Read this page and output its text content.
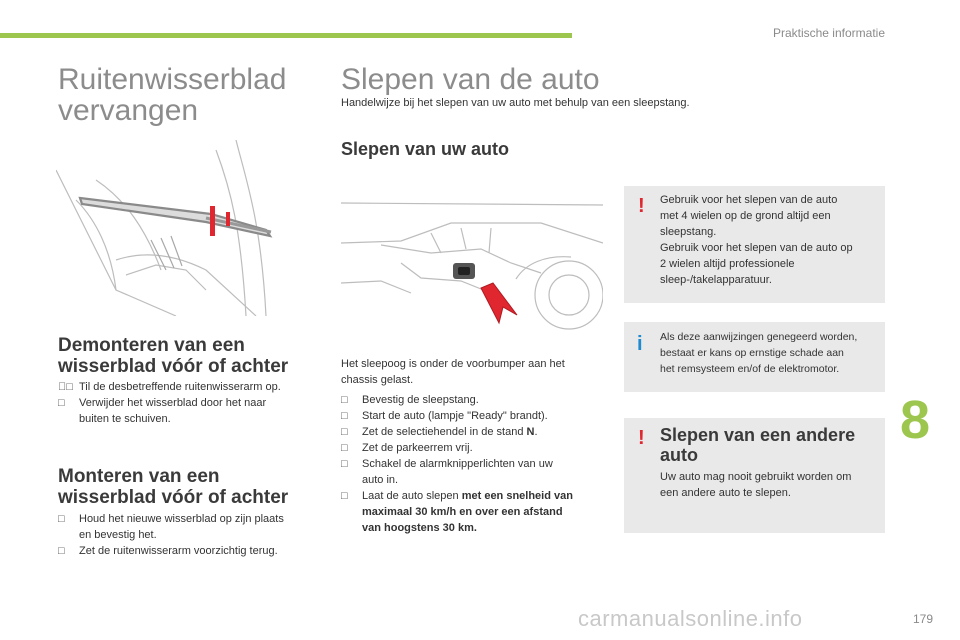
Praktische informatie
Ruitenwisserblad
vervangen
Demonteren van een
wisserblad vóór of achter
□	Til de desbetreffende ruitenwisserarm op.
□	Verwijder het wisserblad door het naar
buiten te schuiven.
Monteren van een
wisserblad vóór of achter
□	Houd het nieuwe wisserblad op zijn plaats
en bevestig het.
□	Zet de ruitenwisserarm voorzichtig terug.
Slepen van de auto
Handelwijze bij het slepen van uw auto met behulp van een sleepstang.
Slepen van uw auto
Het sleepoog is onder de voorbumper aan het
chassis gelast.
□	Bevestig de sleepstang.
□	Start de auto (lampje "Ready" brandt).
□	Zet de selectiehendel in de stand N.
□	Zet de parkeerrem vrij.
□	Schakel de alarmknipperlichten van uw
auto in.
□	Laat de auto slepen met een snelheid van
maximaal 30 km/h en over een afstand
van hoogstens 30 km.
! Gebruik voor het slepen van de auto
met 4 wielen op de grond altijd een
sleepstang.
Gebruik voor het slepen van de auto op
2 wielen altijd professionele
sleep-/takelapparatuur.
i Als deze aanwijzingen genegeerd worden,
bestaat er kans op ernstige schade aan
het remsysteem en/of de elektromotor.
! Slepen van een andere
auto
Uw auto mag nooit gebruikt worden om
een andere auto te slepen.
8
carmanualsonline.info	179
